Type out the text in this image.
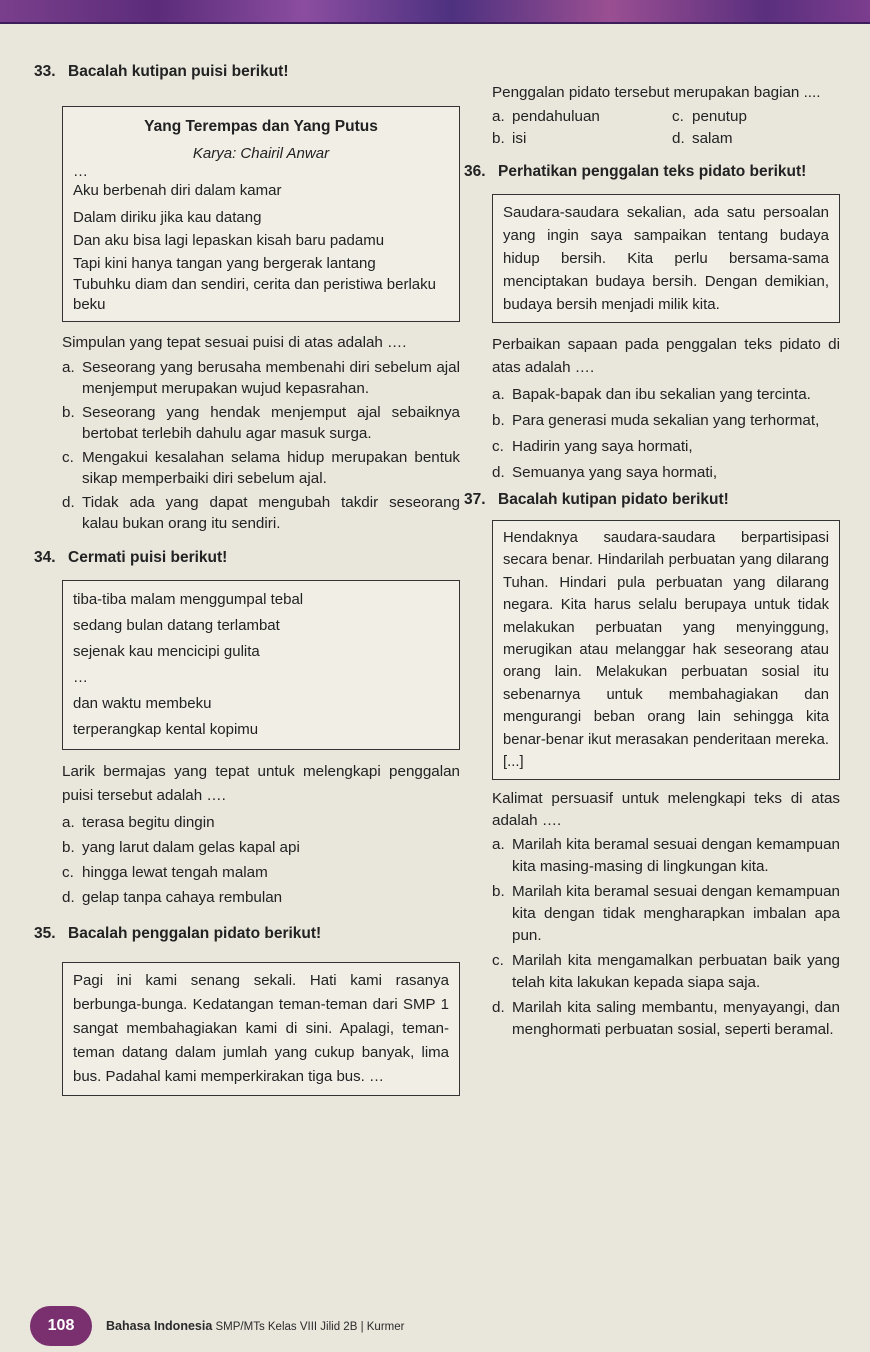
33. Bacalah kutipan puisi berikut!

Yang Terempas dan Yang Putus

Karya: Chairil Anwar

…

Aku berbenah diri dalam kamar

Dalam diriku jika kau datang

Dan aku bisa lagi lepaskan kisah baru padamu

Tapi kini hanya tangan yang bergerak lantang

Tubuhku diam dan sendiri, cerita dan peristiwa berlaku beku

Simpulan yang tepat sesuai puisi di atas adalah ….

a. Seseorang yang berusaha membenahi diri sebelum ajal menjemput merupakan wujud kepasrahan.
b. Seseorang yang hendak menjemput ajal sebaiknya bertobat terlebih dahulu agar masuk surga.
c. Mengakui kesalahan selama hidup merupakan bentuk sikap memperbaiki diri sebelum ajal.
d. Tidak ada yang dapat mengubah takdir seseorang kalau bukan orang itu sendiri.

34. Cermati puisi berikut!

tiba-tiba malam menggumpal tebal

sedang bulan datang terlambat

sejenak kau mencicipi gulita

…

dan waktu membeku

terperangkap kental kopimu

Larik bermajas yang tepat untuk melengkapi penggalan puisi tersebut adalah ….

a. terasa begitu dingin
b. yang larut dalam gelas kapal api
c. hingga lewat tengah malam
d. gelap tanpa cahaya rembulan

35. Bacalah penggalan pidato berikut!

Pagi ini kami senang sekali. Hati kami rasanya berbunga-bunga. Kedatangan teman-teman dari SMP 1 sangat membahagiakan kami di sini. Apalagi, teman-teman datang dalam jumlah yang cukup banyak, lima bus. Padahal kami memperkirakan tiga bus. …

Penggalan pidato tersebut merupakan bagian ....

a. pendahuluan	c. penutup
b. isi	d. salam

36. Perhatikan penggalan teks pidato berikut!

Saudara-saudara sekalian, ada satu persoalan yang ingin saya sampaikan tentang budaya hidup bersih. Kita perlu bersama-sama menciptakan budaya bersih. Dengan demikian, budaya bersih menjadi milik kita.

Perbaikan sapaan pada penggalan teks pidato di atas adalah ….

a. Bapak-bapak dan ibu sekalian yang tercinta.
b. Para generasi muda sekalian yang terhormat,
c. Hadirin yang saya hormati,
d. Semuanya yang saya hormati,

37. Bacalah kutipan pidato berikut!

Hendaknya saudara-saudara berpartisipasi secara benar. Hindarilah perbuatan yang dilarang Tuhan. Hindari pula perbuatan yang dilarang negara. Kita harus selalu berupaya untuk tidak melakukan perbuatan yang menyinggung, merugikan atau melanggar hak seseorang atau orang lain. Melakukan perbuatan sosial itu sebenarnya untuk membahagiakan dan mengurangi beban orang lain sehingga kita benar-benar ikut merasakan penderitaan mereka. [...]

Kalimat persuasif untuk melengkapi teks di atas adalah ….

a. Marilah kita beramal sesuai dengan kemampuan kita masing-masing di lingkungan kita.
b. Marilah kita beramal sesuai dengan kemampuan kita dengan tidak mengharapkan imbalan apa pun.
c. Marilah kita mengamalkan perbuatan baik yang telah kita lakukan kepada siapa saja.
d. Marilah kita saling membantu, menyayangi, dan menghormati perbuatan sosial, seperti beramal.
108	Bahasa Indonesia SMP/MTs Kelas VIII Jilid 2B | Kurmer
